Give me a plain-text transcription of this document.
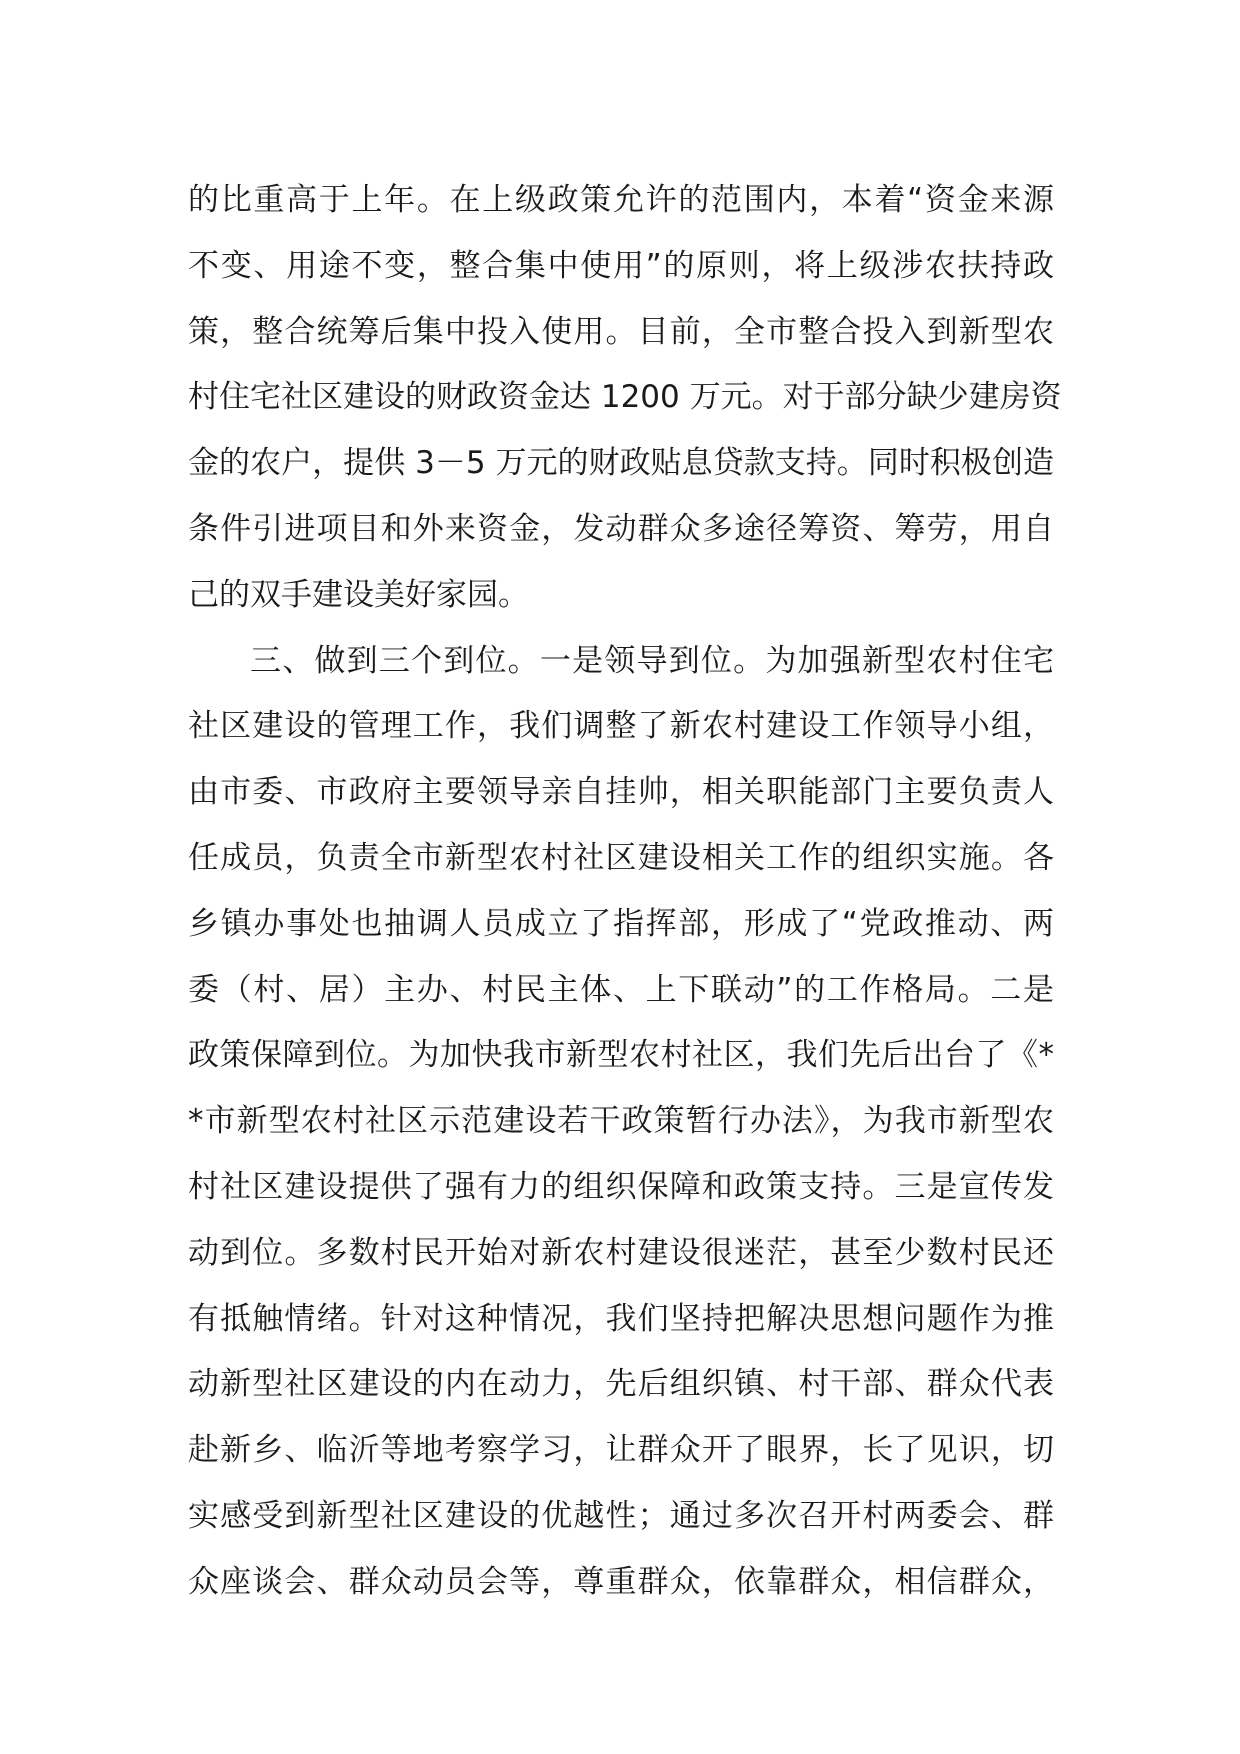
的比重高于上年。在上级政策允许的范围内，本着“资金来源
不变、用途不变，整合集中使用”的原则，将上级涉农扶持政
策，整合统筹后集中投入使用。目前，全市整合投入到新型农
村住宅社区建设的财政资金达 1200 万元。对于部分缺少建房资
金的农户，提供 3－5 万元的财政贴息贷款支持。同时积极创造
条件引进项目和外来资金，发动群众多途径筹资、筹劳，用自
己的双手建设美好家园。
三、做到三个到位。一是领导到位。为加强新型农村住宅
社区建设的管理工作，我们调整了新农村建设工作领导小组，
由市委、市政府主要领导亲自挂帅，相关职能部门主要负责人
任成员，负责全市新型农村社区建设相关工作的组织实施。各
乡镇办事处也抽调人员成立了指挥部，形成了“党政推动、两
委（村、居）主办、村民主体、上下联动”的工作格局。二是
政策保障到位。为加快我市新型农村社区，我们先后出台了《*
*市新型农村社区示范建设若干政策暂行办法》，为我市新型农
村社区建设提供了强有力的组织保障和政策支持。三是宣传发
动到位。多数村民开始对新农村建设很迷茫，甚至少数村民还
有抵触情绪。针对这种情况，我们坚持把解决思想问题作为推
动新型社区建设的内在动力，先后组织镇、村干部、群众代表
赴新乡、临沂等地考察学习，让群众开了眼界，长了见识，切
实感受到新型社区建设的优越性；通过多次召开村两委会、群
众座谈会、群众动员会等，尊重群众，依靠群众，相信群众，
